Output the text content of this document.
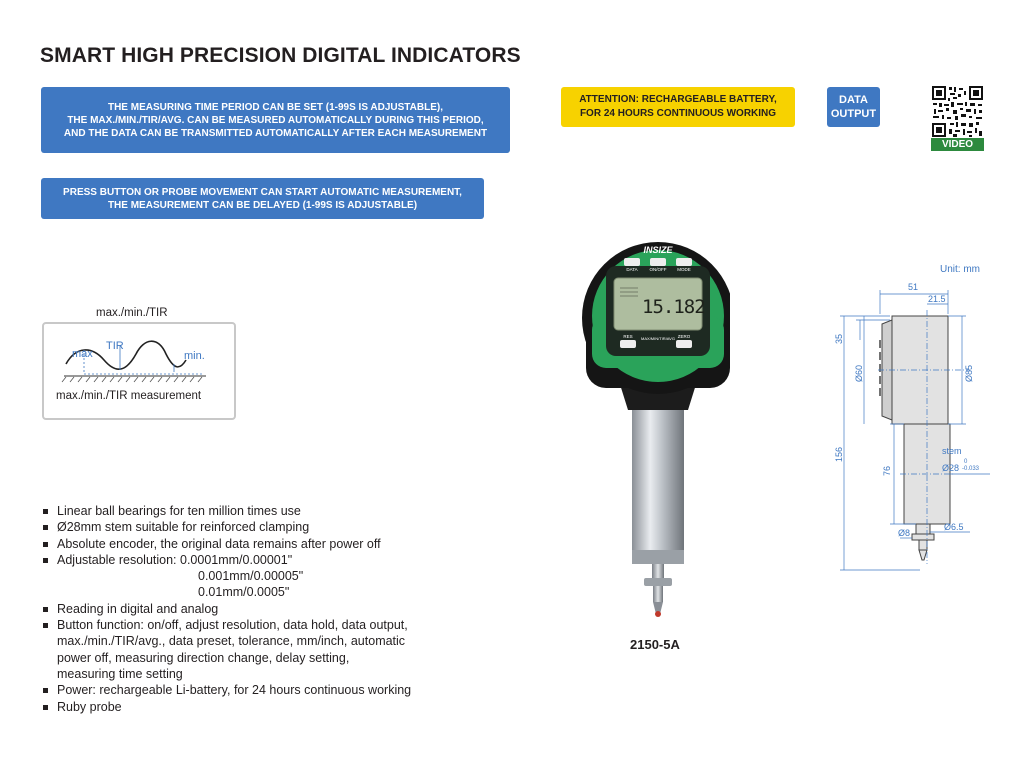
SMART HIGH PRECISION DIGITAL INDICATORS
THE MEASURING TIME PERIOD CAN BE SET (1-99S IS ADJUSTABLE),
THE MAX./MIN./TIR/AVG. CAN BE MEASURED AUTOMATICALLY DURING THIS PERIOD,
AND THE DATA CAN BE TRANSMITTED AUTOMATICALLY AFTER EACH MEASUREMENT
PRESS BUTTON OR PROBE MOVEMENT CAN START AUTOMATIC MEASUREMENT,
THE MEASUREMENT CAN BE DELAYED (1-99S IS ADJUSTABLE)
ATTENTION: RECHARGEABLE BATTERY,
FOR 24 HOURS CONTINUOUS WORKING
DATA
OUTPUT
VIDEO
max./min./TIR
max
TIR
min.
max./min./TIR measurement
Linear ball bearings for ten million times use
Ø28mm stem suitable for reinforced clamping
Absolute encoder, the original data remains after power off
Adjustable resolution: 0.0001mm/0.00001"
0.001mm/0.00005"
0.01mm/0.0005"
Reading in digital and analog
Button function: on/off, adjust resolution, data hold, data output,
max./min./TIR/avg., data preset, tolerance, mm/inch, automatic
power off, measuring direction change, delay setting,
measuring time setting
Power: rechargeable Li-battery, for 24 hours continuous working
Ruby probe
INSIZE
DATA	ON/OFF	MODE
15.182
RES	MAX/MIN/TIR/AVG ZERO
2150-5A
Unit: mm
51
21.5
35
Ø60	Ø85
156
76
stem
Ø28
0
-0.033
Ø6.5
Ø8
